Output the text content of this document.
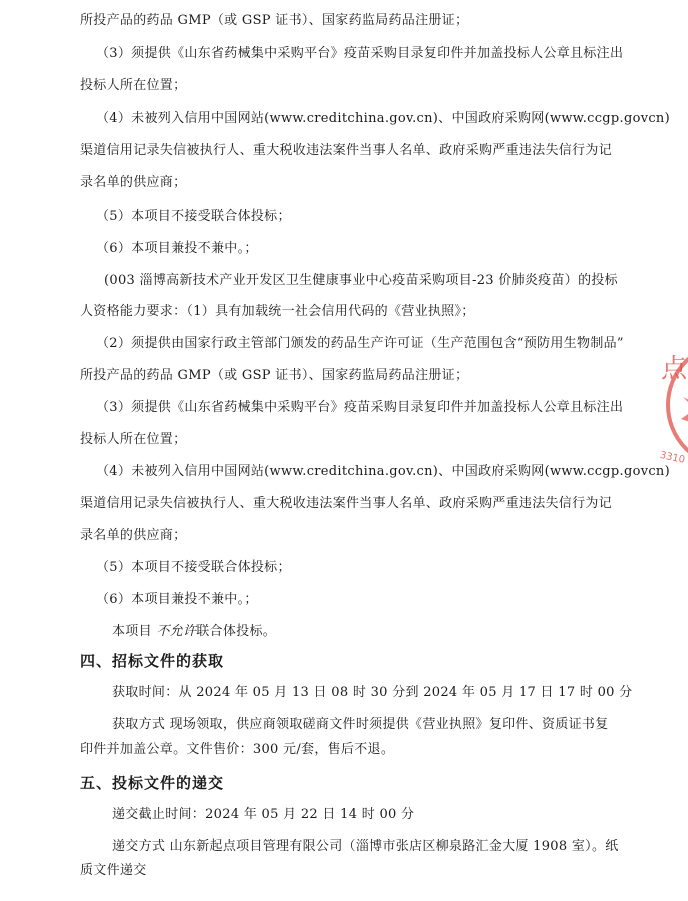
所投产品的药品 GMP（或 GSP 证书）、国家药监局药品注册证；
（3）须提供《山东省药械集中采购平台》疫苗采购目录复印件并加盖投标人公章且标注出
投标人所在位置；
（4）未被列入信用中国网站(www.creditchina.gov.cn)、中国政府采购网(www.ccgp.govcn)
渠道信用记录失信被执行人、重大税收违法案件当事人名单、政府采购严重违法失信行为记
录名单的供应商；
（5）本项目不接受联合体投标；
（6）本项目兼投不兼中。；
(003 淄博高新技术产业开发区卫生健康事业中心疫苗采购项目-23 价肺炎疫苗）的投标
人资格能力要求：（1）具有加载统一社会信用代码的《营业执照》；
（2）须提供由国家行政主管部门颁发的药品生产许可证（生产范围包含“预防用生物制品”
所投产品的药品 GMP（或 GSP 证书）、国家药监局药品注册证；
（3）须提供《山东省药械集中采购平台》疫苗采购目录复印件并加盖投标人公章且标注出
投标人所在位置；
（4）未被列入信用中国网站(www.creditchina.gov.cn)、中国政府采购网(www.ccgp.govcn)
渠道信用记录失信被执行人、重大税收违法案件当事人名单、政府采购严重违法失信行为记
录名单的供应商；
（5）本项目不接受联合体投标；
（6）本项目兼投不兼中。；
本项目 不允许联合体投标。
四、招标文件的获取
获取时间：从 2024 年 05 月 13 日 08 时 30 分到 2024 年 05 月 17 日 17 时 00 分
获取方式 现场领取，供应商领取磋商文件时须提供《营业执照》复印件、资质证书复
印件并加盖公章。文件售价：300 元/套，售后不退。
五、投标文件的递交
递交截止时间：2024 年 05 月 22 日 14 时 00 分
递交方式 山东新起点项目管理有限公司（淄博市张店区柳泉路汇金大厦 1908 室）。纸
质文件递交
点
3310
